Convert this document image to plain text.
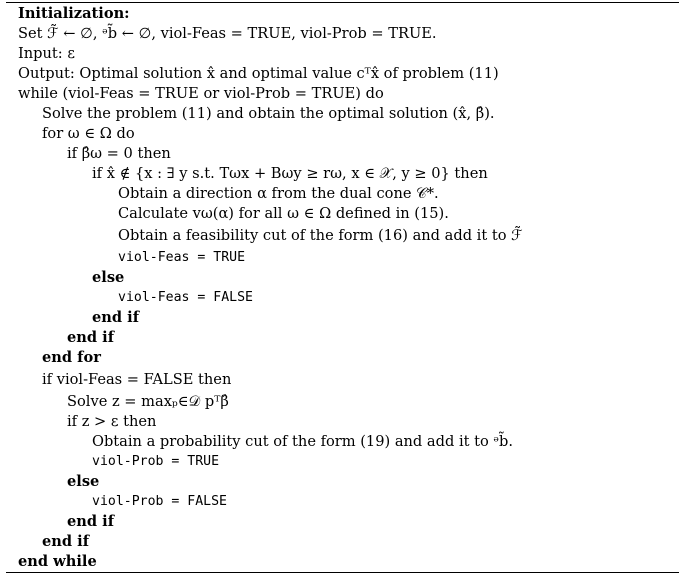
Initialization:
Set ℱ̃ ← ∅, ᵊb̃ ← ∅, viol-Feas = TRUE, viol-Prob = TRUE.
Input: ε
Output: Optimal solution x̂ and optimal value cᵀx̂ of problem (11)
while (viol-Feas = TRUE or viol-Prob = TRUE) do
Solve the problem (11) and obtain the optimal solution (x̂, β̂).
for ω ∈ Ω do
if β̂ω = 0 then
if x̂ ∉ {x : ∃ y s.t. Tωx + Bωy ≥ rω, x ∈ 𝒳, y ≥ 0} then
Obtain a direction α from the dual cone 𝒞*.
Calculate vω(α) for all ω ∈ Ω defined in (15).
Obtain a feasibility cut of the form (16) and add it to ℱ̃
viol-Feas = TRUE
else
viol-Feas = FALSE
end if
end if
end for
if viol-Feas = FALSE then
Solve z = maxₚ∈𝒟 pᵀβ̂
if z > ε then
Obtain a probability cut of the form (19) and add it to ᵊb̃.
viol-Prob = TRUE
else
viol-Prob = FALSE
end if
end if
end while
